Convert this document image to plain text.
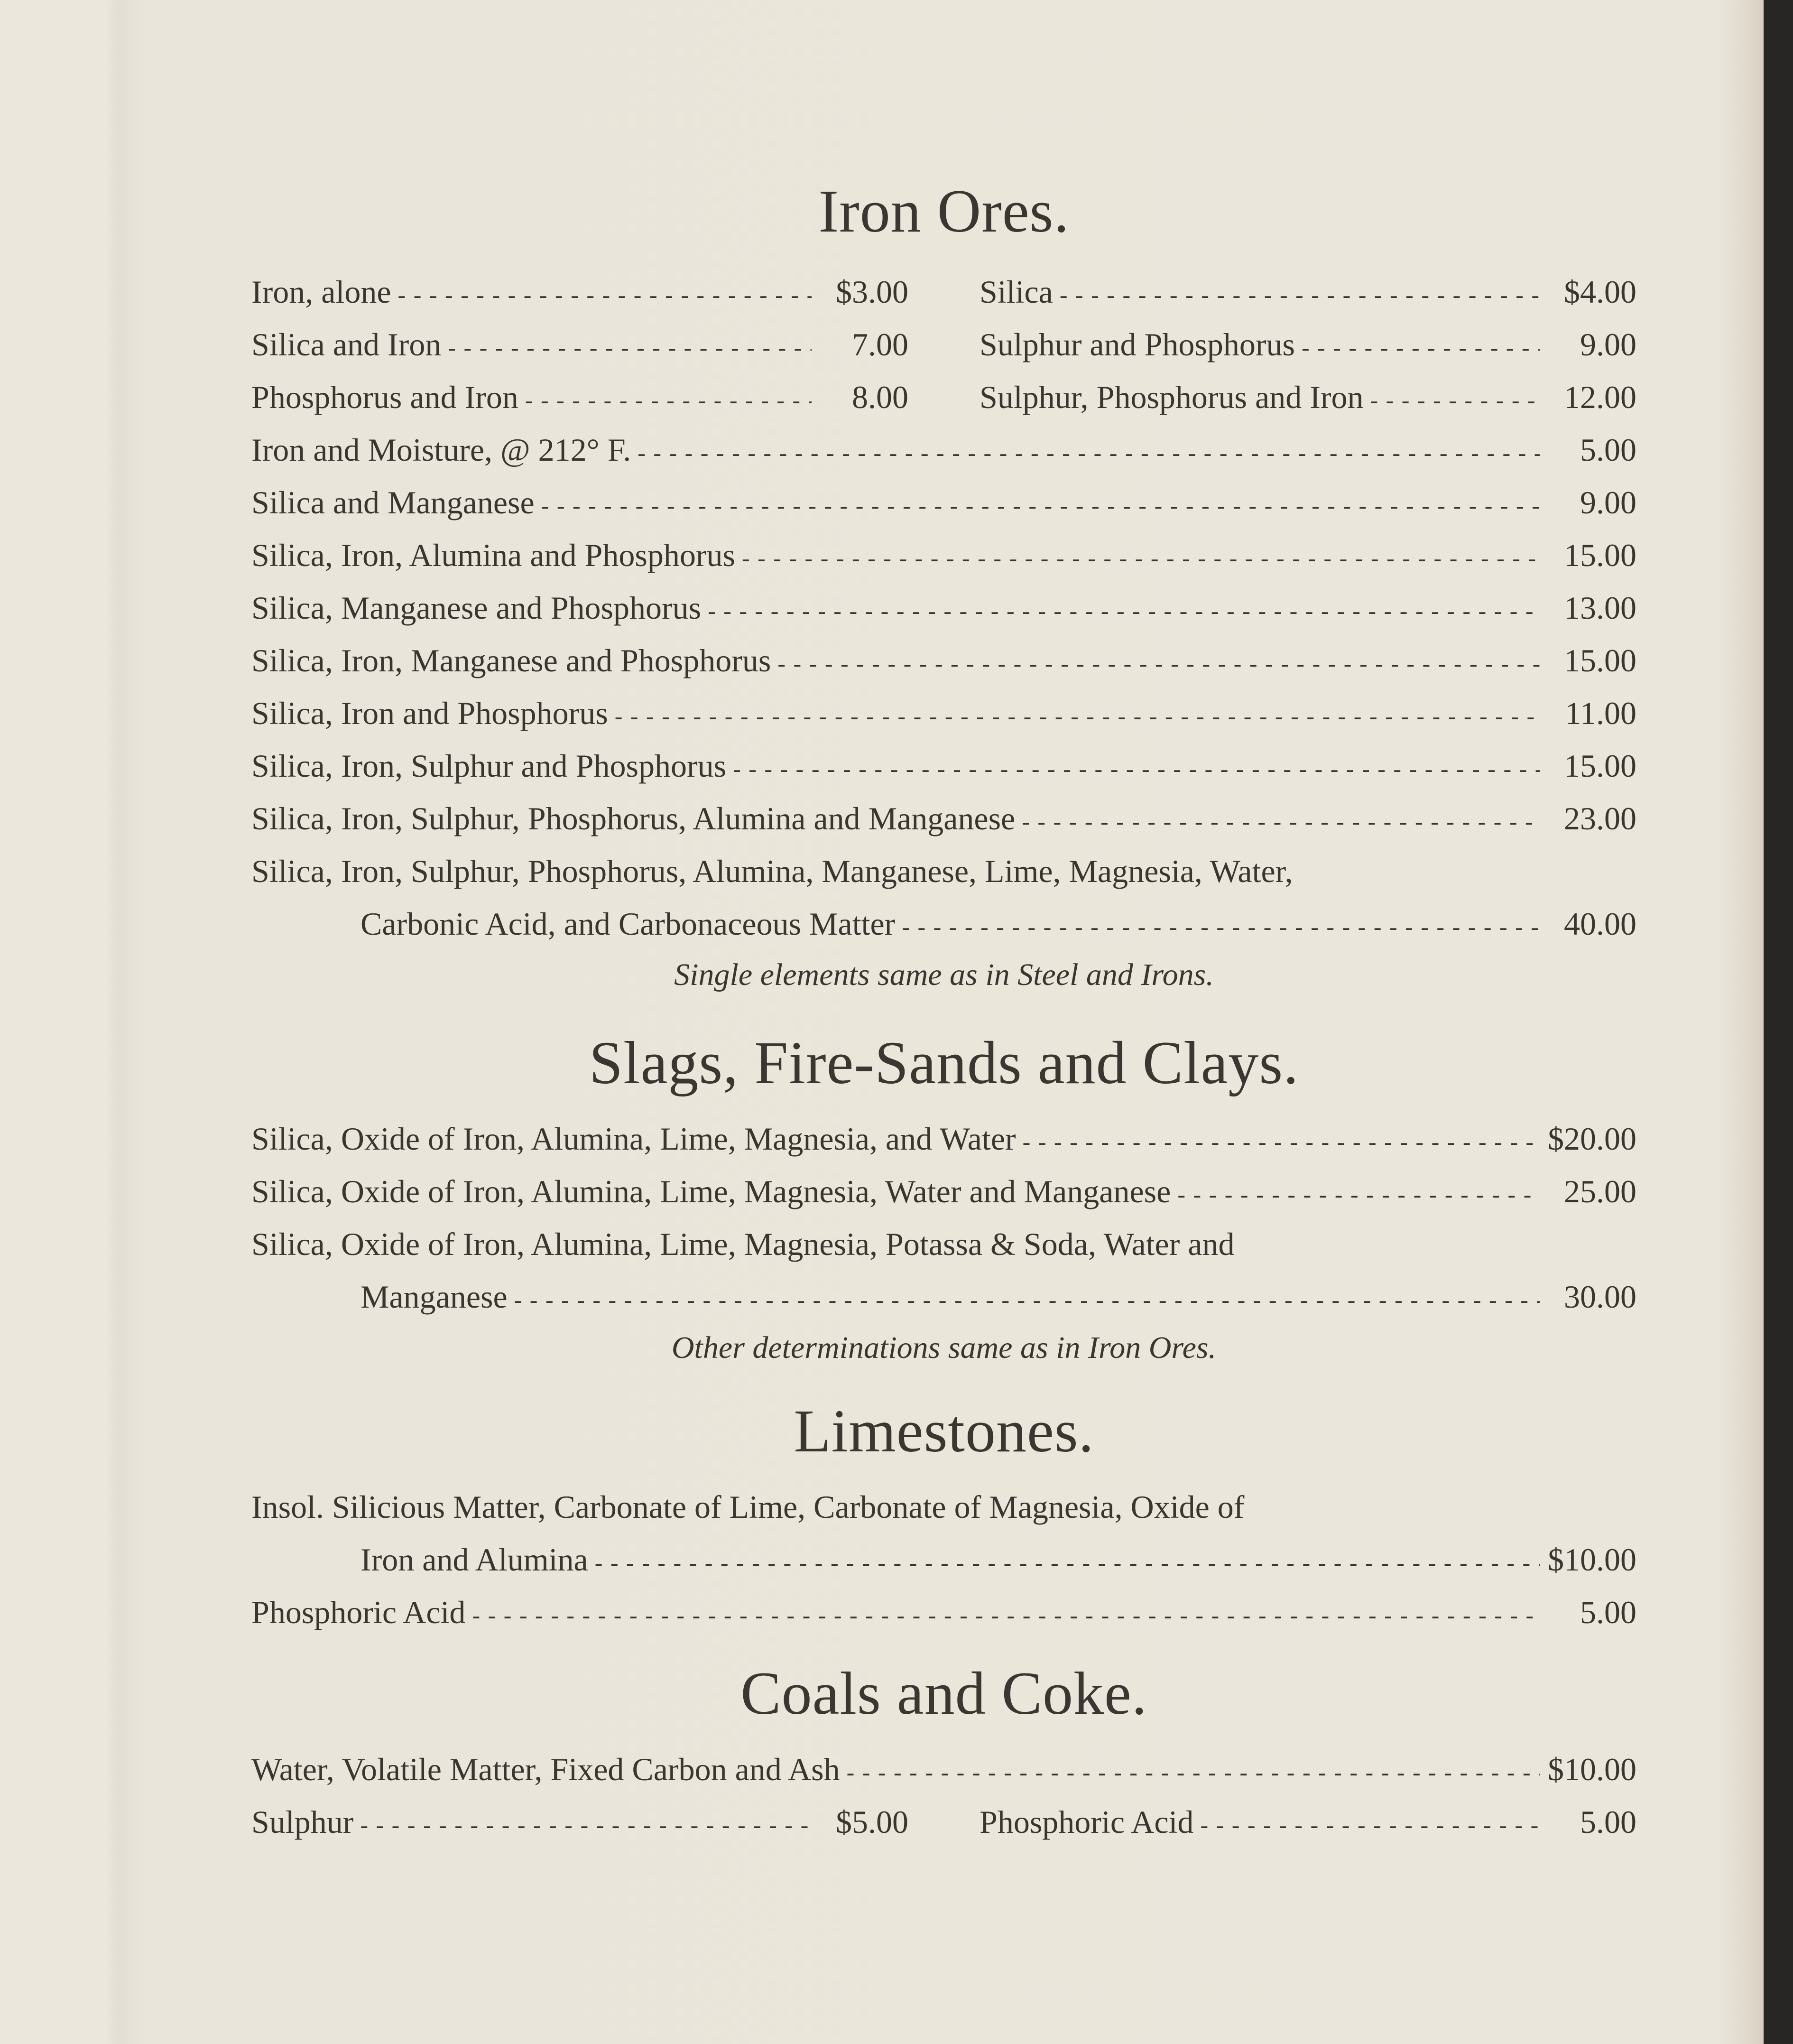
Iron Ores.
Iron, alone - - -	$3.00 Silica - - -	$4.00
Silica and Iron - - -	7.00 Sulphur and Phosphorus - - -	9.00
Phosphorus and Iron - - -	8.00 Sulphur, Phosphorus and Iron - - -	12.00
Iron and Moisture, @ 212° F. - - -	5.00
Silica and Manganese - - -	9.00
Silica, Iron, Alumina and Phosphorus - - -	15.00
Silica, Manganese and Phosphorus - - -	13.00
Silica, Iron, Manganese and Phosphorus - - -	15.00
Silica, Iron and Phosphorus - - -	11.00
Silica, Iron, Sulphur and Phosphorus - - -	15.00
Silica, Iron, Sulphur, Phosphorus, Alumina and Manganese - - -	23.00
Silica, Iron, Sulphur, Phosphorus, Alumina, Manganese, Lime, Magnesia, Water,
Carbonic Acid, and Carbonaceous Matter - - -	40.00
Single elements same as in Steel and Irons.
Slags, Fire-Sands and Clays.
Silica, Oxide of Iron, Alumina, Lime, Magnesia, and Water - - -	$20.00
Silica, Oxide of Iron, Alumina, Lime, Magnesia, Water and Manganese - - -	25.00
Silica, Oxide of Iron, Alumina, Lime, Magnesia, Potassa & Soda, Water and
Manganese - - -	30.00
Other determinations same as in Iron Ores.
Limestones.
Insol. Silicious Matter, Carbonate of Lime, Carbonate of Magnesia, Oxide of
Iron and Alumina - - -	$10.00
Phosphoric Acid - - -	5.00
Coals and Coke.
Water, Volatile Matter, Fixed Carbon and Ash - - -	$10.00
Sulphur - - -	$5.00 Phosphoric Acid - - -	5.00
